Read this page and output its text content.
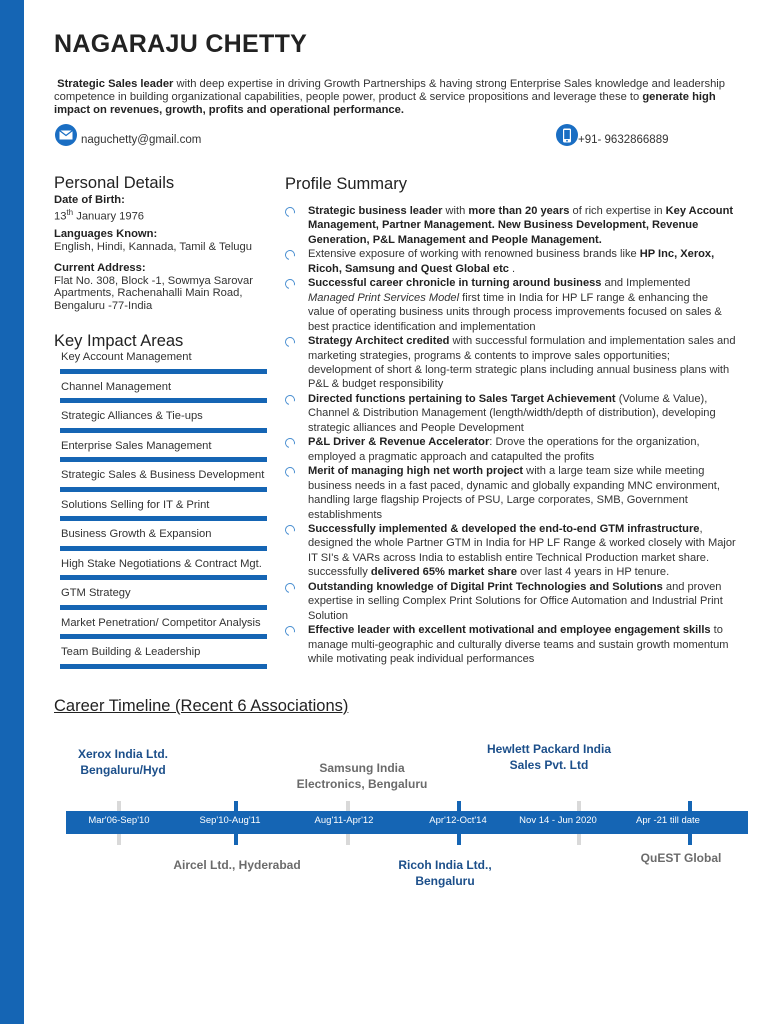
NAGARAJU CHETTY
Strategic Sales leader with deep expertise in driving Growth Partnerships & having strong Enterprise Sales knowledge and leadership competence in building organizational capabilities, people power, product & service propositions and leverage these to generate high impact on revenues, growth, profits and operational performance.
naguchetty@gmail.com	+91- 9632866889
Personal Details
Date of Birth:
13th January 1976
Languages Known:
English, Hindi, Kannada, Tamil & Telugu
Current Address:
Flat No. 308, Block -1, Sowmya Sarovar
Apartments, Rachenahalli Main Road,
Bengaluru -77-India
Key Impact Areas
Key Account Management
Channel Management
Strategic Alliances & Tie-ups
Enterprise Sales Management
Strategic Sales & Business Development
Solutions Selling for IT & Print
Business Growth & Expansion
High Stake Negotiations & Contract Mgt.
GTM Strategy
Market Penetration/ Competitor Analysis
Team Building & Leadership
Profile Summary
Strategic business leader with more than 20 years of rich expertise in Key Account Management, Partner Management. New Business Development, Revenue Generation, P&L Management and People Management.
Extensive exposure of working with renowned business brands like HP Inc, Xerox, Ricoh, Samsung and Quest Global etc .
Successful career chronicle in turning around business and Implemented Managed Print Services Model first time in India for HP LF range & enhancing the value of operating business units through process improvements focused on sales & best practice identification and implementation
Strategy Architect credited with successful formulation and implementation sales and marketing strategies, programs & contents to improve sales opportunities; development of short & long-term strategic plans including annual business plans with P&L & budget responsibility
Directed functions pertaining to Sales Target Achievement (Volume & Value), Channel & Distribution Management (length/width/depth of distribution), developing strategic alliances and People Development
P&L Driver & Revenue Accelerator: Drove the operations for the organization, employed a pragmatic approach and catapulted the profits
Merit of managing high net worth project with a large team size while meeting business needs in a fast paced, dynamic and globally expanding MNC environment, handling large flagship Projects of PSU, Large corporates, SMB, Government establishments
Successfully implemented & developed the end-to-end GTM infrastructure, designed the whole Partner GTM in India for HP LF Range & worked closely with Major IT SI's & VARs across India to establish entire Technical Production market share. successfully delivered 65% market share over last 4 years in HP tenure.
Outstanding knowledge of Digital Print Technologies and Solutions and proven expertise in selling Complex Print Solutions for Office Automation and Industrial Print Solution
Effective leader with excellent motivational and employee engagement skills to manage multi-geographic and culturally diverse teams and sustain growth momentum while motivating peak individual performances
Career Timeline (Recent 6 Associations)
Xerox India Ltd.
Bengaluru/Hyd	Samsung India
Electronics, Bengaluru
Hewlett Packard India
Sales Pvt. Ltd
Mar'06-Sep'10	Sep'10-Aug'11	Aug'11-Apr'12	Apr'12-Oct'14	Nov 14 - Jun 2020	Apr -21 till date
Aircel Ltd., Hyderabad	Ricoh India Ltd.,
Bengaluru
QuEST Global
